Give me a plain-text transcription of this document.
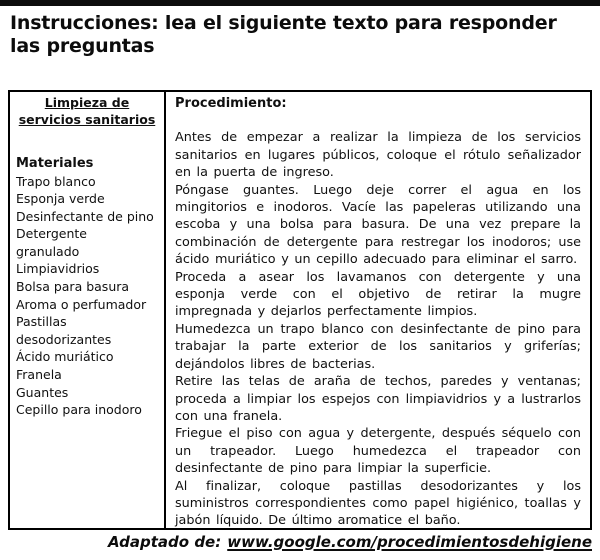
Instrucciones: lea el siguiente texto para responder las preguntas
Limpieza de
servicios sanitarios
Materiales
Trapo blanco
Esponja verde
Desinfectante de pino
Detergente
granulado
Limpiavidrios
Bolsa para basura
Aroma o perfumador
Pastillas
desodorizantes
Ácido muriático
Franela
Guantes
Cepillo para inodoro
Procedimiento:
Antes de empezar a realizar la limpieza de los servicios sanitarios en lugares públicos, coloque el rótulo señalizador en la puerta de ingreso.
Póngase guantes. Luego deje correr el agua en los mingitorios e inodoros. Vacíe las papeleras utilizando una escoba y una bolsa para basura. De una vez prepare la combinación de detergente para restregar los inodoros; use ácido muriático y un cepillo adecuado para eliminar el sarro.
Proceda a asear los lavamanos con detergente y una esponja verde con el objetivo de retirar la mugre impregnada y dejarlos perfectamente limpios.
Humedezca un trapo blanco con desinfectante de pino para trabajar la parte exterior de los sanitarios y griferías; dejándolos libres de bacterias.
Retire las telas de araña de techos, paredes y ventanas; proceda a limpiar los espejos con limpiavidrios y a lustrarlos con una franela.
Friegue el piso con agua y detergente, después séquelo con un trapeador. Luego humedezca el trapeador con desinfectante de pino para limpiar la superficie.
Al finalizar, coloque pastillas desodorizantes y los suministros correspondientes como papel higiénico, toallas y jabón líquido. De último aromatice el baño.
Adaptado de: www.google.com/procedimientosdehigiene
